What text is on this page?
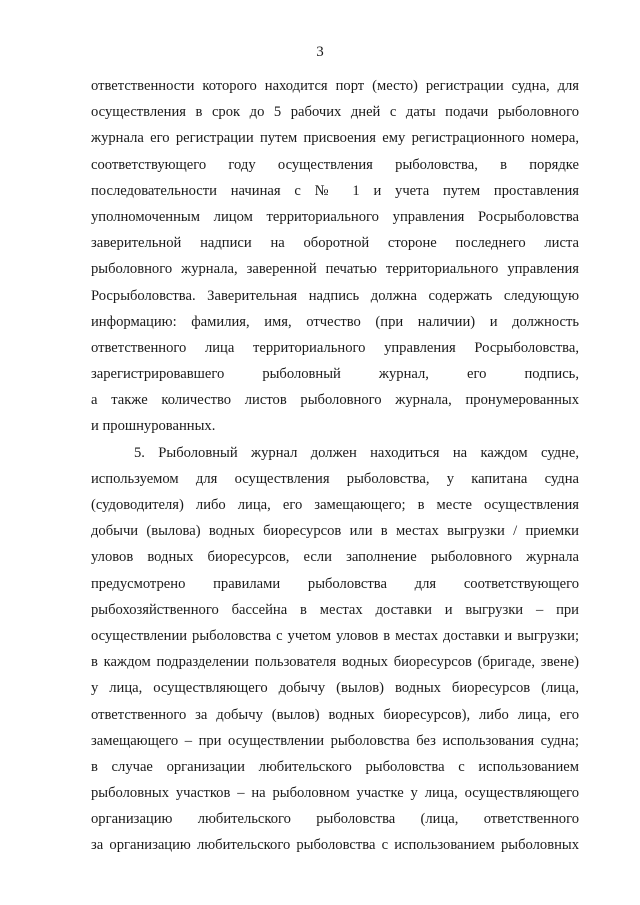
3
ответственности которого находится порт (место) регистрации судна, для
осуществления в срок до 5 рабочих дней с даты подачи рыболовного
журнала его регистрации путем присвоения ему регистрационного номера,
соответствующего году осуществления рыболовства, в порядке
последовательности начиная с № 1 и учета путем проставления
уполномоченным лицом территориального управления Росрыболовства
заверительной надписи на оборотной стороне последнего листа
рыболовного журнала, заверенной печатью территориального управления
Росрыболовства. Заверительная надпись должна содержать следующую
информацию: фамилия, имя, отчество (при наличии) и должность
ответственного лица территориального управления Росрыболовства,
зарегистрировавшего рыболовный журнал, его подпись,
а также количество листов рыболовного журнала, пронумерованных
и прошнурованных.
5. Рыболовный журнал должен находиться на каждом судне,
используемом для осуществления рыболовства, у капитана судна
(судоводителя) либо лица, его замещающего; в месте осуществления
добычи (вылова) водных биоресурсов или в местах выгрузки / приемки
уловов водных биоресурсов, если заполнение рыболовного журнала
предусмотрено правилами рыболовства для соответствующего
рыбохозяйственного бассейна в местах доставки и выгрузки – при
осуществлении рыболовства с учетом уловов в местах доставки и выгрузки;
в каждом подразделении пользователя водных биоресурсов (бригаде, звене)
у лица, осуществляющего добычу (вылов) водных биоресурсов (лица,
ответственного за добычу (вылов) водных биоресурсов), либо лица, его
замещающего – при осуществлении рыболовства без использования судна;
в случае организации любительского рыболовства с использованием
рыболовных участков – на рыболовном участке у лица, осуществляющего
организацию любительского рыболовства (лица, ответственного
за организацию любительского рыболовства с использованием рыболовных
